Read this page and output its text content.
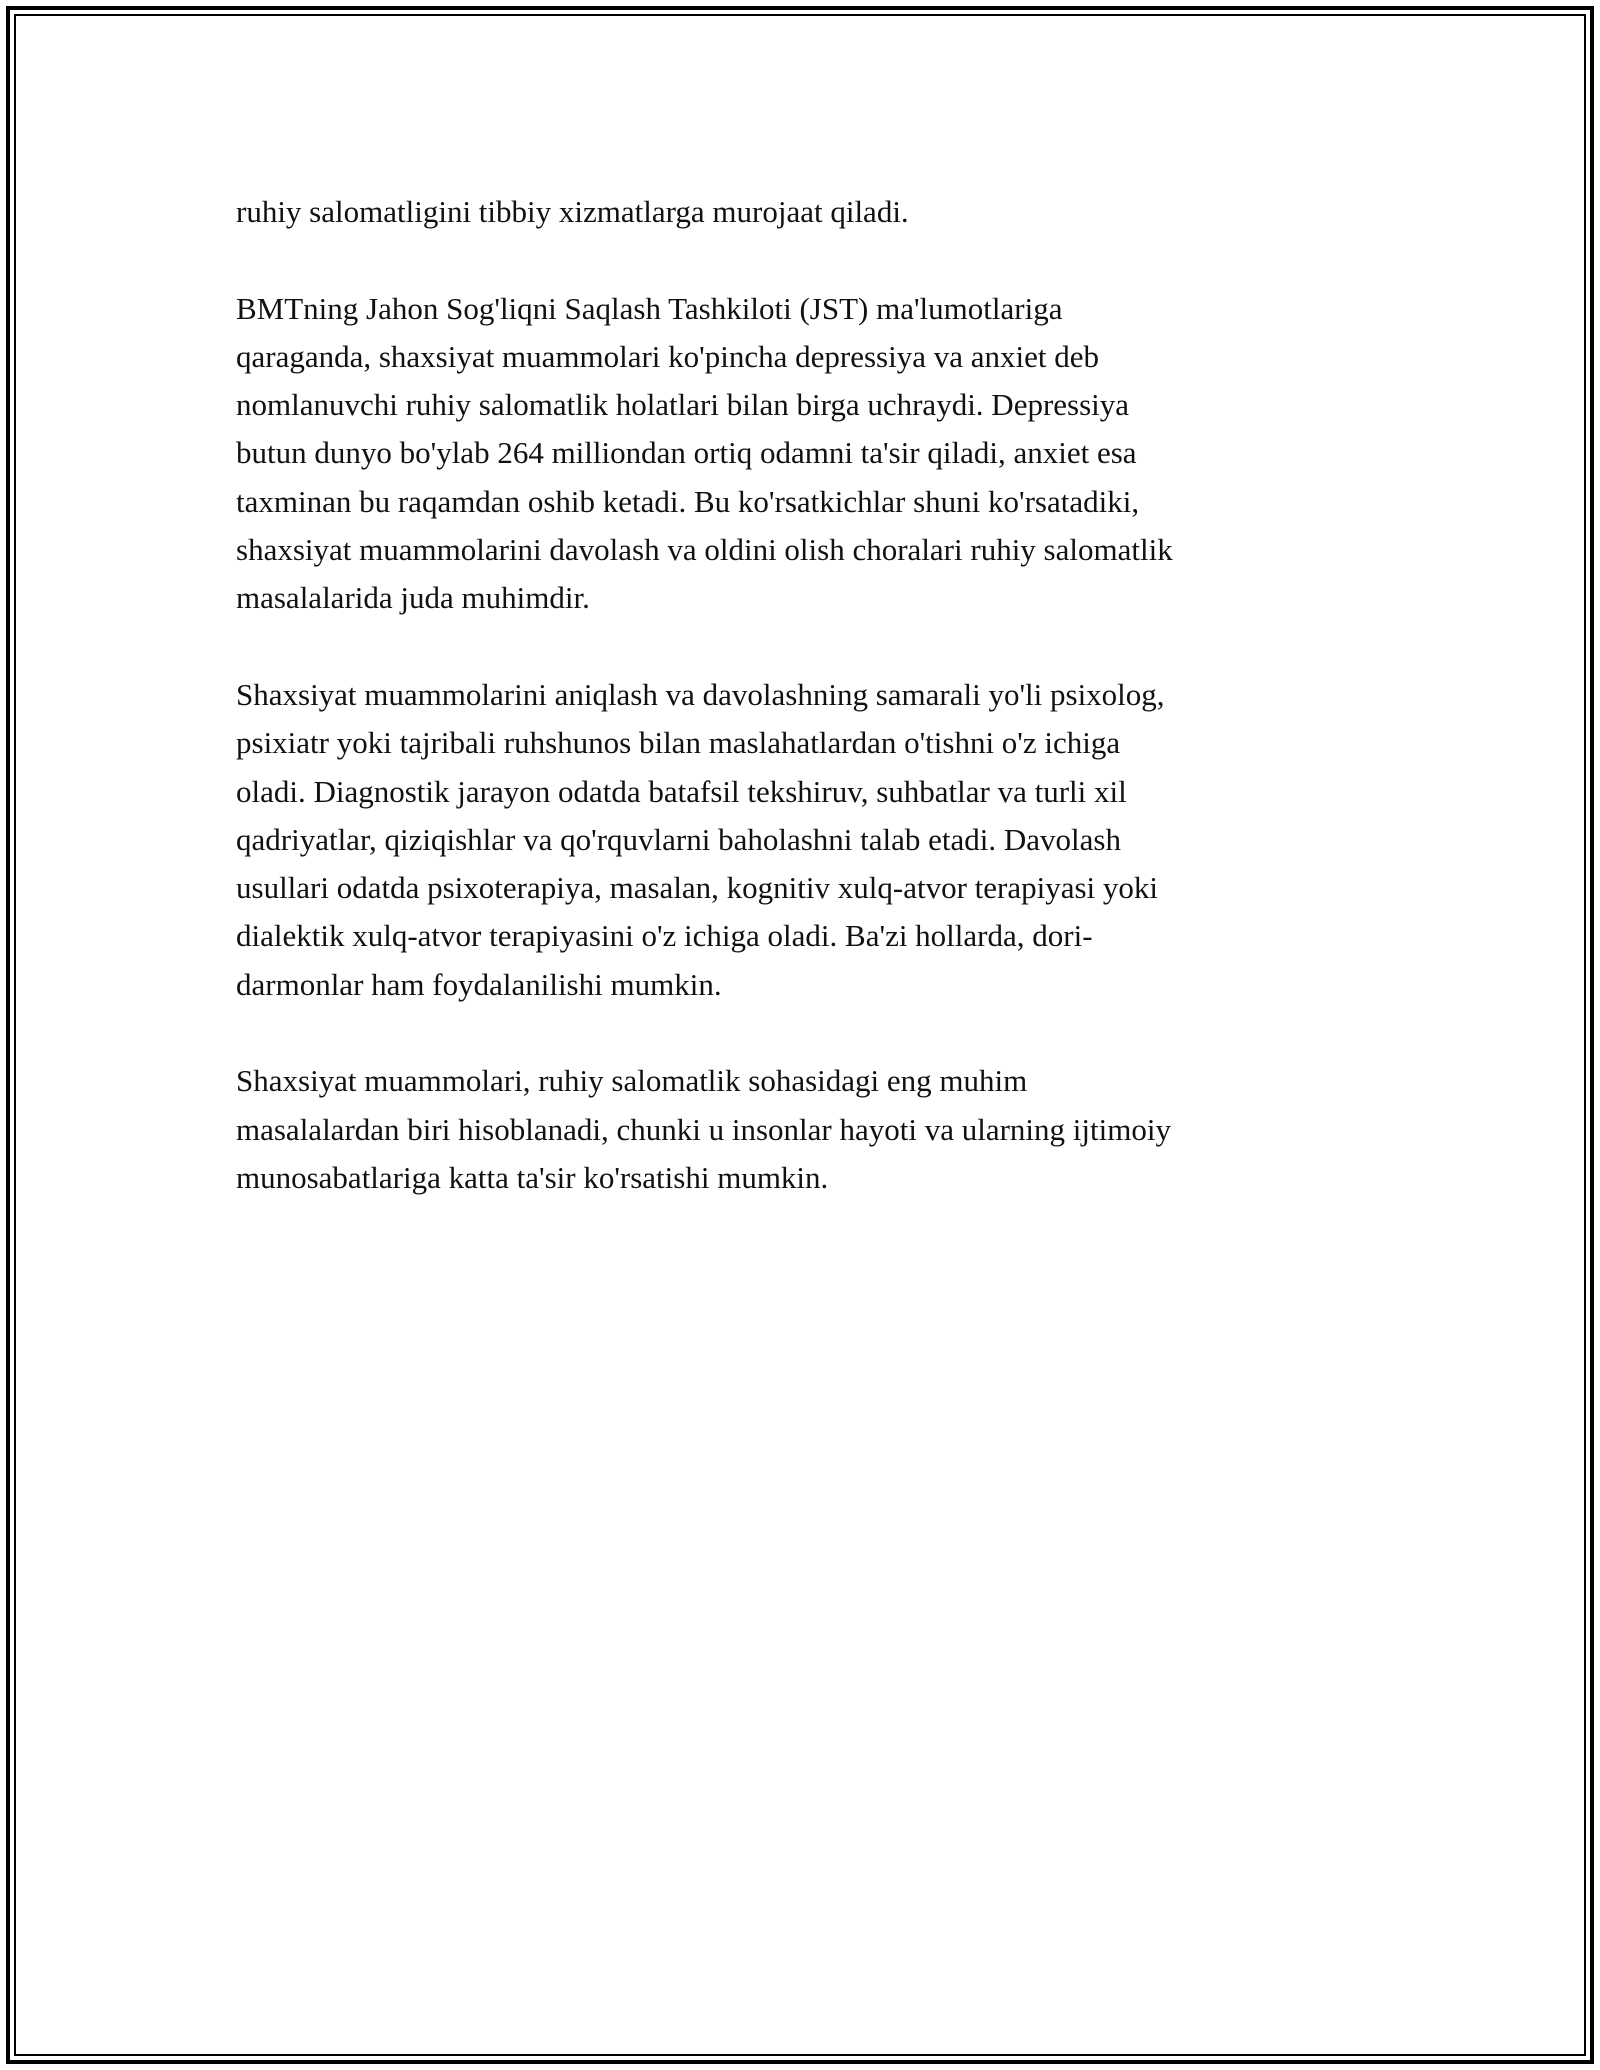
ruhiy salomatligini tibbiy xizmatlarga murojaat qiladi.

BMTning Jahon Sog'liqni Saqlash Tashkiloti (JST) ma'lumotlariga
qaraganda, shaxsiyat muammolari ko'pincha depressiya va anxiet deb
nomlanuvchi ruhiy salomatlik holatlari bilan birga uchraydi. Depressiya
butun dunyo bo'ylab 264 milliondan ortiq odamni ta'sir qiladi, anxiet esa
taxminan bu raqamdan oshib ketadi. Bu ko'rsatkichlar shuni ko'rsatadiki,
shaxsiyat muammolarini davolash va oldini olish choralari ruhiy salomatlik
masalalarida juda muhimdir.

Shaxsiyat muammolarini aniqlash va davolashning samarali yo'li psixolog,
psixiatr yoki tajribali ruhshunos bilan maslahatlardan o'tishni o'z ichiga
oladi. Diagnostik jarayon odatda batafsil tekshiruv, suhbatlar va turli xil
qadriyatlar, qiziqishlar va qo'rquvlarni baholashni talab etadi. Davolash
usullari odatda psixoterapiya, masalan, kognitiv xulq-atvor terapiyasi yoki
dialektik xulq-atvor terapiyasini o'z ichiga oladi. Ba'zi hollarda, dori-
darmonlar ham foydalanilishi mumkin.

Shaxsiyat muammolari, ruhiy salomatlik sohasidagi eng muhim
masalalardan biri hisoblanadi, chunki u insonlar hayoti va ularning ijtimoiy
munosabatlariga katta ta'sir ko'rsatishi mumkin.
